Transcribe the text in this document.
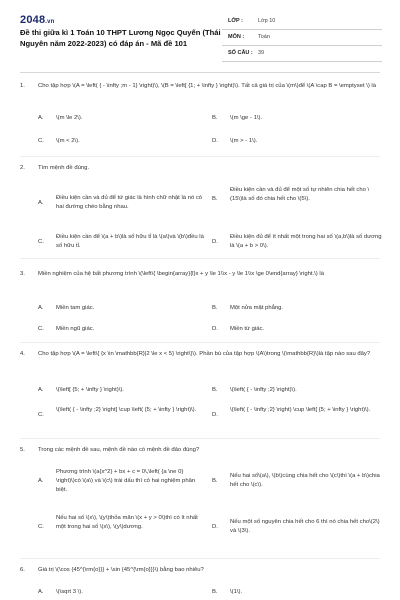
2048.vn
Đề thi giữa kì 1 Toán 10 THPT Lương Ngọc Quyến (Thái Nguyên năm 2022-2023) có đáp án - Mã đề 101
LỚP :	Lớp 10
MÔN :	Toán
SỐ CÂU : 39
1.	Cho tập hợp \(A = \left( { - \infty ;m - 1} \right)\), \(B = \left[ {1; + \infty } \right)\). Tất cả giá trị của \(m\)để \(A \cap B = \emptyset \) là
A.	\(m \le 2\).	B.	\(m \ge - 1\).
C.	\(m < 2\).	D.	\(m > - 1\).
2.	Tìm mệnh đề đúng.
A.
Điều kiện cần và đủ để tứ giác là hình chữ nhật là nó có hai đường chéo bằng nhau.
B.
Điều kiện cần và đủ để một số tự nhiên chia hết cho \(15\)là số đó chia hết cho \(5\).
C.
Điều kiện cần để \(a + b\)là số hữu tỉ là \(a\)và \(b\)đều là số hữu tỉ.
D.
Điều kiện đủ để ít nhất một trong hai số \(a,b\)là số dương là \(a + b > 0\).
3.	Miền nghiệm của hệ bất phương trình \(\left\{ \begin{array}{l}x + y \le 1\\x - y \le 1\\x \ge 0\end{array} \right.\) là
A.	Miền tam giác.	B.	Một nửa mặt phẳng.
C.	Miền ngũ giác.	D.	Miền tứ giác.
4.	Cho tập hợp \(A = \left\{ {x \in \mathbb{R}|2 \le x < 5} \right\}\). Phần bù của tập hợp \(A\)trong \(\mathbb{R}\)là tập nào sau đây?
A.	\(\left[ {5; + \infty } \right)\).	B.	\(\left( { - \infty ;2} \right)\).
C.
\(\left( { - \infty ;2} \right] \cup \left( {5; + \infty } \right)\).
D.
\(\left( { - \infty ;2} \right) \cup \left[ {5; + \infty } \right)\).
5.	Trong các mệnh đề sau, mệnh đề nào có mệnh đề đảo đúng?
A.
Phương trình \(a{x^2} + bx + c = 0\,\left( {a \ne 0} \right)\)có \(a\) và \(c\) trái dấu thì có hai nghiệm phân biệt.
B.
Nếu hai số\(a\), \(b\)cùng chia hết cho \(c\)thì \(a + b\)chia hết cho \(c\).
C.
Nếu hai số \(x\), \(y\)thỏa mãn \(x + y > 0\)thì có ít nhất một trong hai số \(x\), \(y\)dương.	D.
Nếu một số nguyên chia hết cho 6 thì nó chia hết cho\(2\) và \(3\).
6.	Giá trị \(\cos {45^{\rm{o}}} + \sin {45^{\rm{o}}}\) bằng bao nhiêu?
A.	\(\sqrt 3 \).	B.	\(1\).
